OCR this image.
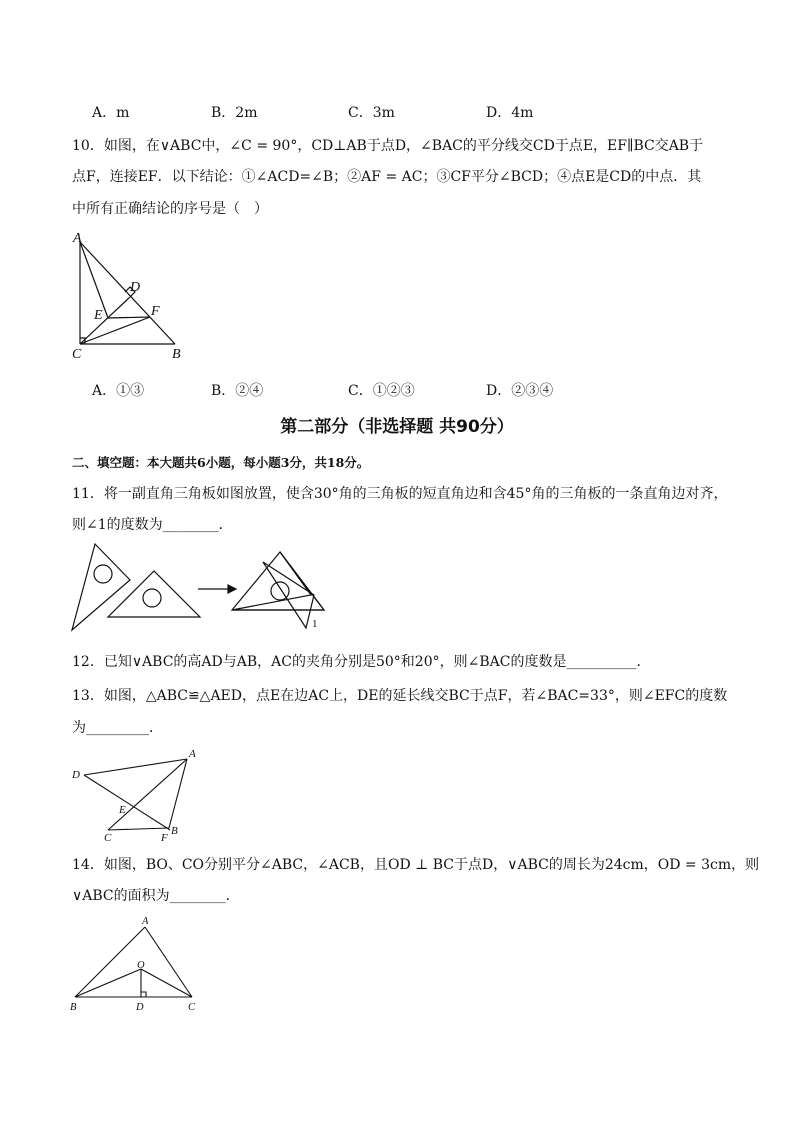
A．m	B．2m	C．3m	D．4m
10．如图，在∨ABC中，∠C = 90°，CD⊥AB于点D，∠BAC的平分线交CD于点E，EF∥BC交AB于
点F，连接EF．以下结论：①∠ACD=∠B；②AF = AC；③CF平分∠BCD；④点E是CD的中点．其
中所有正确结论的序号是（　）
A
D
E	F
C	B
A．①③	B．②④	C．①②③	D．②③④
第二部分（非选择题 共90分）
二、填空题：本大题共6小题，每小题3分，共18分。
11．将一副直角三角板如图放置，使含30°角的三角板的短直角边和含45°角的三角板的一条直角边对齐，
则∠1的度数为________．
1
12．已知∨ABC的高AD与AB，AC的夹角分别是50°和20°，则∠BAC的度数是__________．
13．如图，△ABC≌△AED，点E在边AC上，DE的延长线交BC于点F，若∠BAC=33°，则∠EFC的度数
为_________．
A
D
E
C	F
B
14．如图，BO、CO分别平分∠ABC，∠ACB，且OD ⊥ BC于点D，∨ABC的周长为24cm，OD = 3cm，则
∨ABC的面积为________．
A
O
B	D	C
